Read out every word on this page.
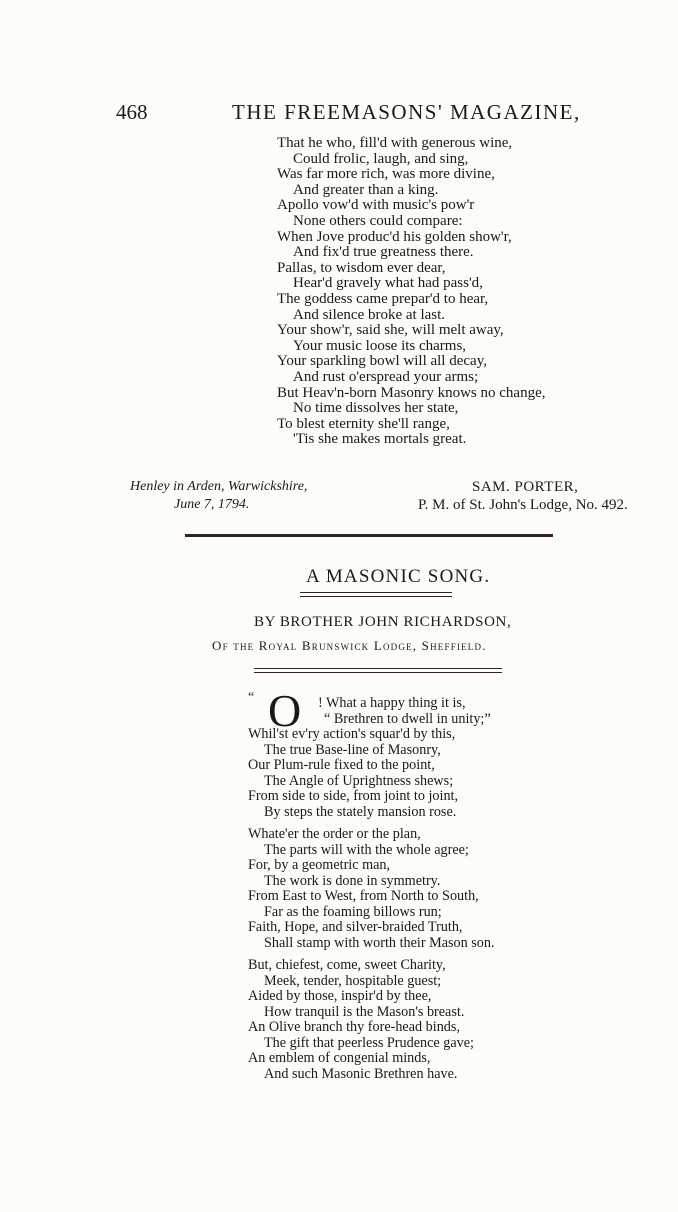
468	THE FREEMASONS' MAGAZINE,
That he who, fill'd with generous wine,
Could frolic, laugh, and sing,
Was far more rich, was more divine,
And greater than a king.
Apollo vow'd with music's pow'r
None others could compare:
When Jove produc'd his golden show'r,
And fix'd true greatness there.
Pallas, to wisdom ever dear,
Hear'd gravely what had pass'd,
The goddess came prepar'd to hear,
And silence broke at last.
Your show'r, said she, will melt away,
Your music loose its charms,
Your sparkling bowl will all decay,
And rust o'erspread your arms;
But Heav'n-born Masonry knows no change,
No time dissolves her state,
To blest eternity she'll range,
'Tis she makes mortals great.
Henley in Arden, Warwickshire,
June 7, 1794.
SAM. PORTER,
P. M. of St. John's Lodge, No. 492.
A MASONIC SONG.
BY BROTHER JOHN RICHARDSON,
Of the Royal Brunswick Lodge, Sheffield.
“ O	! What a happy thing it is,
“ Brethren to dwell in unity;”
Whil'st ev'ry action's squar'd by this,
The true Base-line of Masonry,
Our Plum-rule fixed to the point,
The Angle of Uprightness shews;
From side to side, from joint to joint,
By steps the stately mansion rose.
Whate'er the order or the plan,
The parts will with the whole agree;
For, by a geometric man,
The work is done in symmetry.
From East to West, from North to South,
Far as the foaming billows run;
Faith, Hope, and silver-braided Truth,
Shall stamp with worth their Mason son.
But, chiefest, come, sweet Charity,
Meek, tender, hospitable guest;
Aided by those, inspir'd by thee,
How tranquil is the Mason's breast.
An Olive branch thy fore-head binds,
The gift that peerless Prudence gave;
An emblem of congenial minds,
And such Masonic Brethren have.
